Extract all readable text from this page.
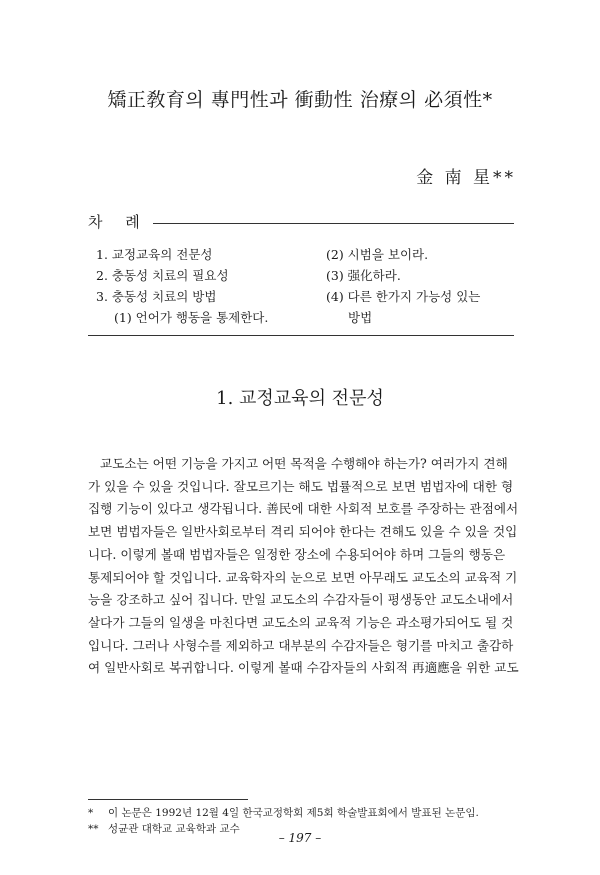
矯正敎育의 專門性과 衝動性 治療의 必須性*
金 南 星**
차 례
1. 교정교육의 전문성
2. 충동성 치료의 필요성
3. 충동성 치료의 방법
(1) 언어가 행동을 통제한다.
(2) 시범을 보이라.
(3) 强化하라.
(4) 다른 한가지 가능성 있는
방법
1. 교정교육의 전문성
교도소는 어떤 기능을 가지고 어떤 목적을 수행해야 하는가? 여러가지 견해
가 있을 수 있을 것입니다. 잘모르기는 해도 법률적으로 보면 범법자에 대한 형
집행 기능이 있다고 생각됩니다. 善民에 대한 사회적 보호를 주장하는 관점에서
보면 범법자들은 일반사회로부터 격리 되어야 한다는 견해도 있을 수 있을 것입
니다. 이렇게 볼때 범법자들은 일정한 장소에 수용되어야 하며 그들의 행동은
통제되어야 할 것입니다. 교육학자의 눈으로 보면 아무래도 교도소의 교육적 기
능을 강조하고 싶어 집니다. 만일 교도소의 수감자들이 평생동안 교도소내에서
살다가 그들의 일생을 마친다면 교도소의 교육적 기능은 과소평가되어도 될 것
입니다. 그러나 사형수를 제외하고 대부분의 수감자들은 형기를 마치고 출감하
여 일반사회로 복귀합니다. 이렇게 볼때 수감자들의 사회적 再適應을 위한 교도
* 이 논문은 1992년 12월 4일 한국교정학회 제5회 학술발표회에서 발표된 논문임.
** 성균관 대학교 교육학과 교수
– 197 –
